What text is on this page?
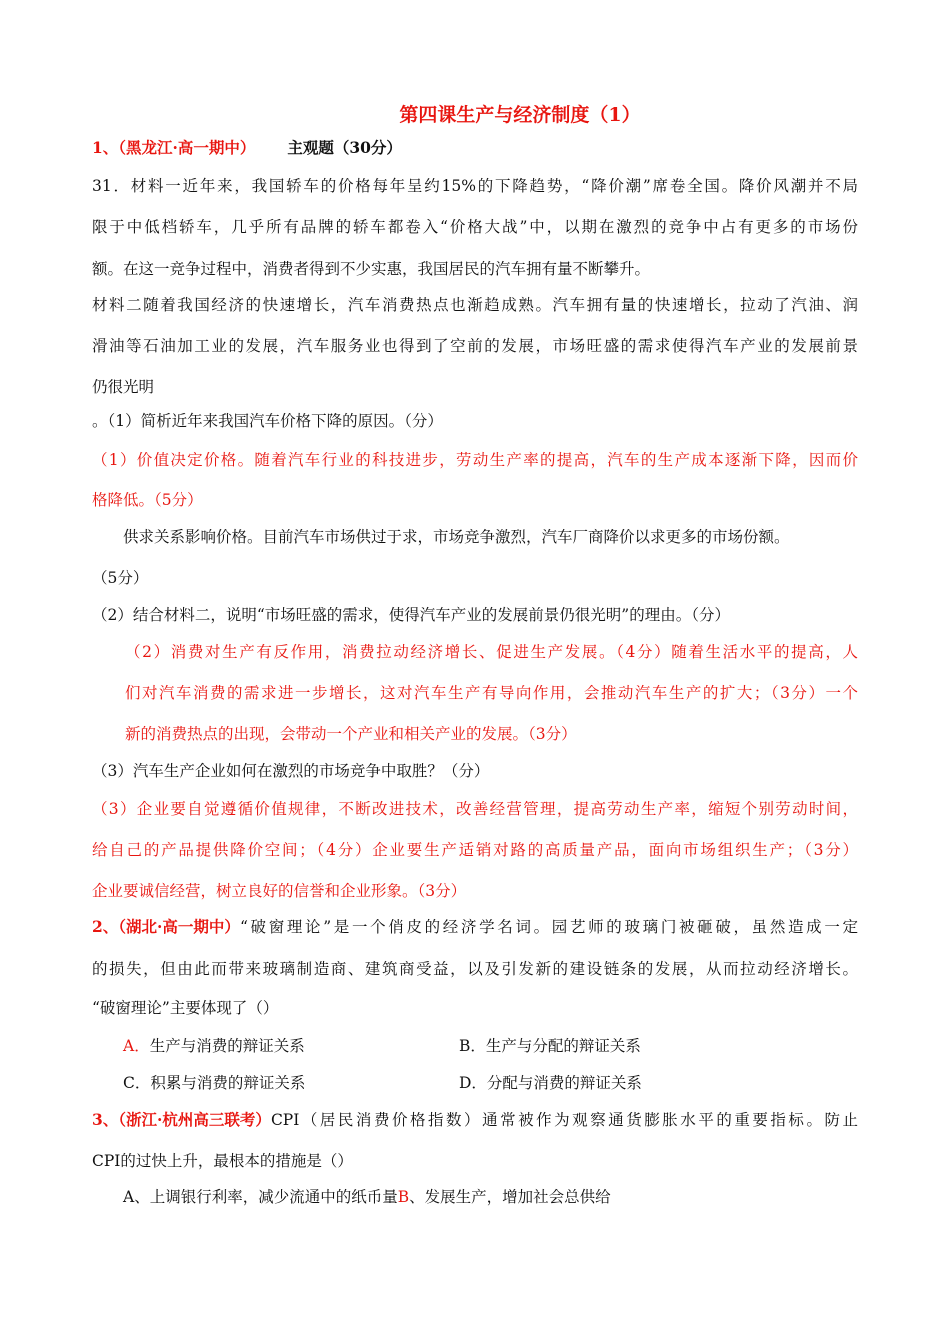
第四课生产与经济制度（1）
1、（黑龙江·高一期中） 主观题（30分）
31．材料一近年来，我国轿车的价格每年呈约15%的下降趋势，“降价潮”席卷全国。降价风潮并不局
限于中低档轿车，几乎所有品牌的轿车都卷入“价格大战”中，以期在激烈的竞争中占有更多的市场份
额。在这一竞争过程中，消费者得到不少实惠，我国居民的汽车拥有量不断攀升。
材料二随着我国经济的快速增长，汽车消费热点也渐趋成熟。汽车拥有量的快速增长，拉动了汽油、润
滑油等石油加工业的发展，汽车服务业也得到了空前的发展，市场旺盛的需求使得汽车产业的发展前景
仍很光明
。（1）简析近年来我国汽车价格下降的原因。（分）
（1）价值决定价格。随着汽车行业的科技进步，劳动生产率的提高，汽车的生产成本逐渐下降，因而价
格降低。（5分）
供求关系影响价格。目前汽车市场供过于求，市场竞争激烈，汽车厂商降价以求更多的市场份额。
（5分）
（2）结合材料二，说明“市场旺盛的需求，使得汽车产业的发展前景仍很光明”的理由。（分）
（2）消费对生产有反作用，消费拉动经济增长、促进生产发展。（4分）随着生活水平的提高，人
们对汽车消费的需求进一步增长，这对汽车生产有导向作用，会推动汽车生产的扩大；（3分）一个
新的消费热点的出现，会带动一个产业和相关产业的发展。（3分）
（3）汽车生产企业如何在激烈的市场竞争中取胜？（分）
（3）企业要自觉遵循价值规律，不断改进技术，改善经营管理，提高劳动生产率，缩短个别劳动时间，
给自己的产品提供降价空间；（4分）企业要生产适销对路的高质量产品，面向市场组织生产；（3分）
企业要诚信经营，树立良好的信誉和企业形象。（3分）
2、（湖北·高一期中） “破窗理论”是一个俏皮的经济学名词。园艺师的玻璃门被砸破，虽然造成一定
的损失，但由此而带来玻璃制造商、建筑商受益，以及引发新的建设链条的发展，从而拉动经济增长。
“破窗理论”主要体现了（）
A．生产与消费的辩证关系	B．生产与分配的辩证关系
C．积累与消费的辩证关系	D．分配与消费的辩证关系
3、（浙江·杭州高三联考） CPI（居民消费价格指数）通常被作为观察通货膨胀水平的重要指标。防止
CPI的过快上升，最根本的措施是（）
A、上调银行利率，减少流通中的纸币量B、发展生产，增加社会总供给
